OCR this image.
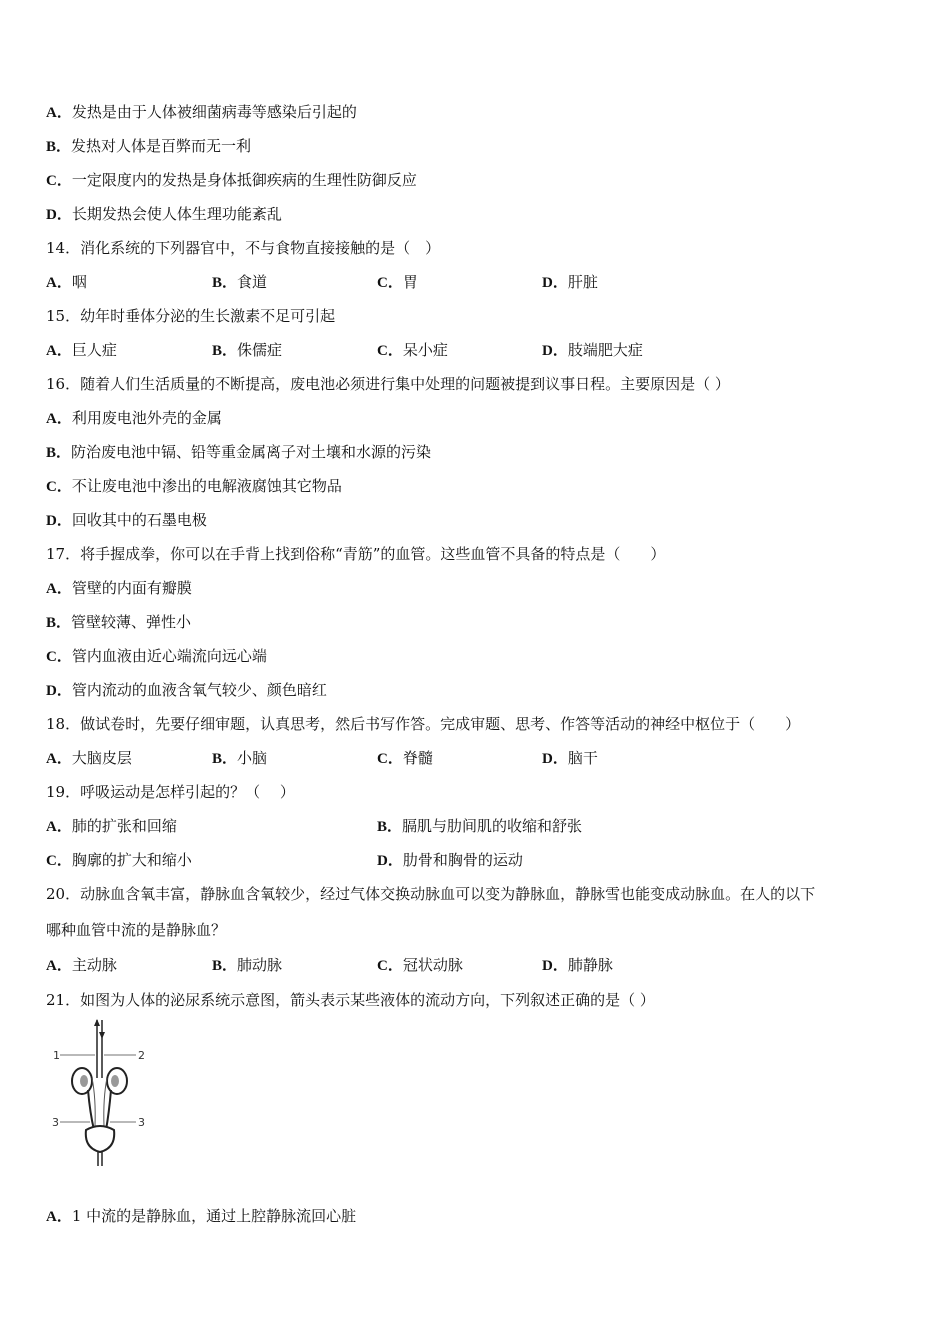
A．发热是由于人体被细菌病毒等感染后引起的
B．发热对人体是百弊而无一利
C．一定限度内的发热是身体抵御疾病的生理性防御反应
D．长期发热会使人体生理功能紊乱
14．消化系统的下列器官中，不与食物直接接触的是（　）
A．咽	B．食道	C．胃	D．肝脏
15．幼年时垂体分泌的生长激素不足可引起
A．巨人症	B．侏儒症	C．呆小症	D．肢端肥大症
16．随着人们生活质量的不断提高，废电池必须进行集中处理的问题被提到议事日程。主要原因是（ ）
A．利用废电池外壳的金属
B．防治废电池中镉、铅等重金属离子对土壤和水源的污染
C．不让废电池中渗出的电解液腐蚀其它物品
D．回收其中的石墨电极
17．将手握成拳，你可以在手背上找到俗称“青筋”的血管。这些血管不具备的特点是（　　）
A．管壁的内面有瓣膜
B．管壁较薄、弹性小
C．管内血液由近心端流向远心端
D．管内流动的血液含氧气较少、颜色暗红
18．做试卷时，先要仔细审题，认真思考，然后书写作答。完成审题、思考、作答等活动的神经中枢位于（　　）
A．大脑皮层	B．小脑	C．脊髓	D．脑干
19．呼吸运动是怎样引起的？（　 ）
A．肺的扩张和回缩	B．膈肌与肋间肌的收缩和舒张
C．胸廓的扩大和缩小	D．肋骨和胸骨的运动
20．动脉血含氧丰富，静脉血含氧较少，经过气体交换动脉血可以变为静脉血，静脉雪也能变成动脉血。在人的以下
哪种血管中流的是静脉血？
A．主动脉	B．肺动脉	C．冠状动脉	D．肺静脉
21．如图为人体的泌尿系统示意图，箭头表示某些液体的流动方向，下列叙述正确的是（ ）
1	2
3	3
A．1 中流的是静脉血，通过上腔静脉流回心脏
